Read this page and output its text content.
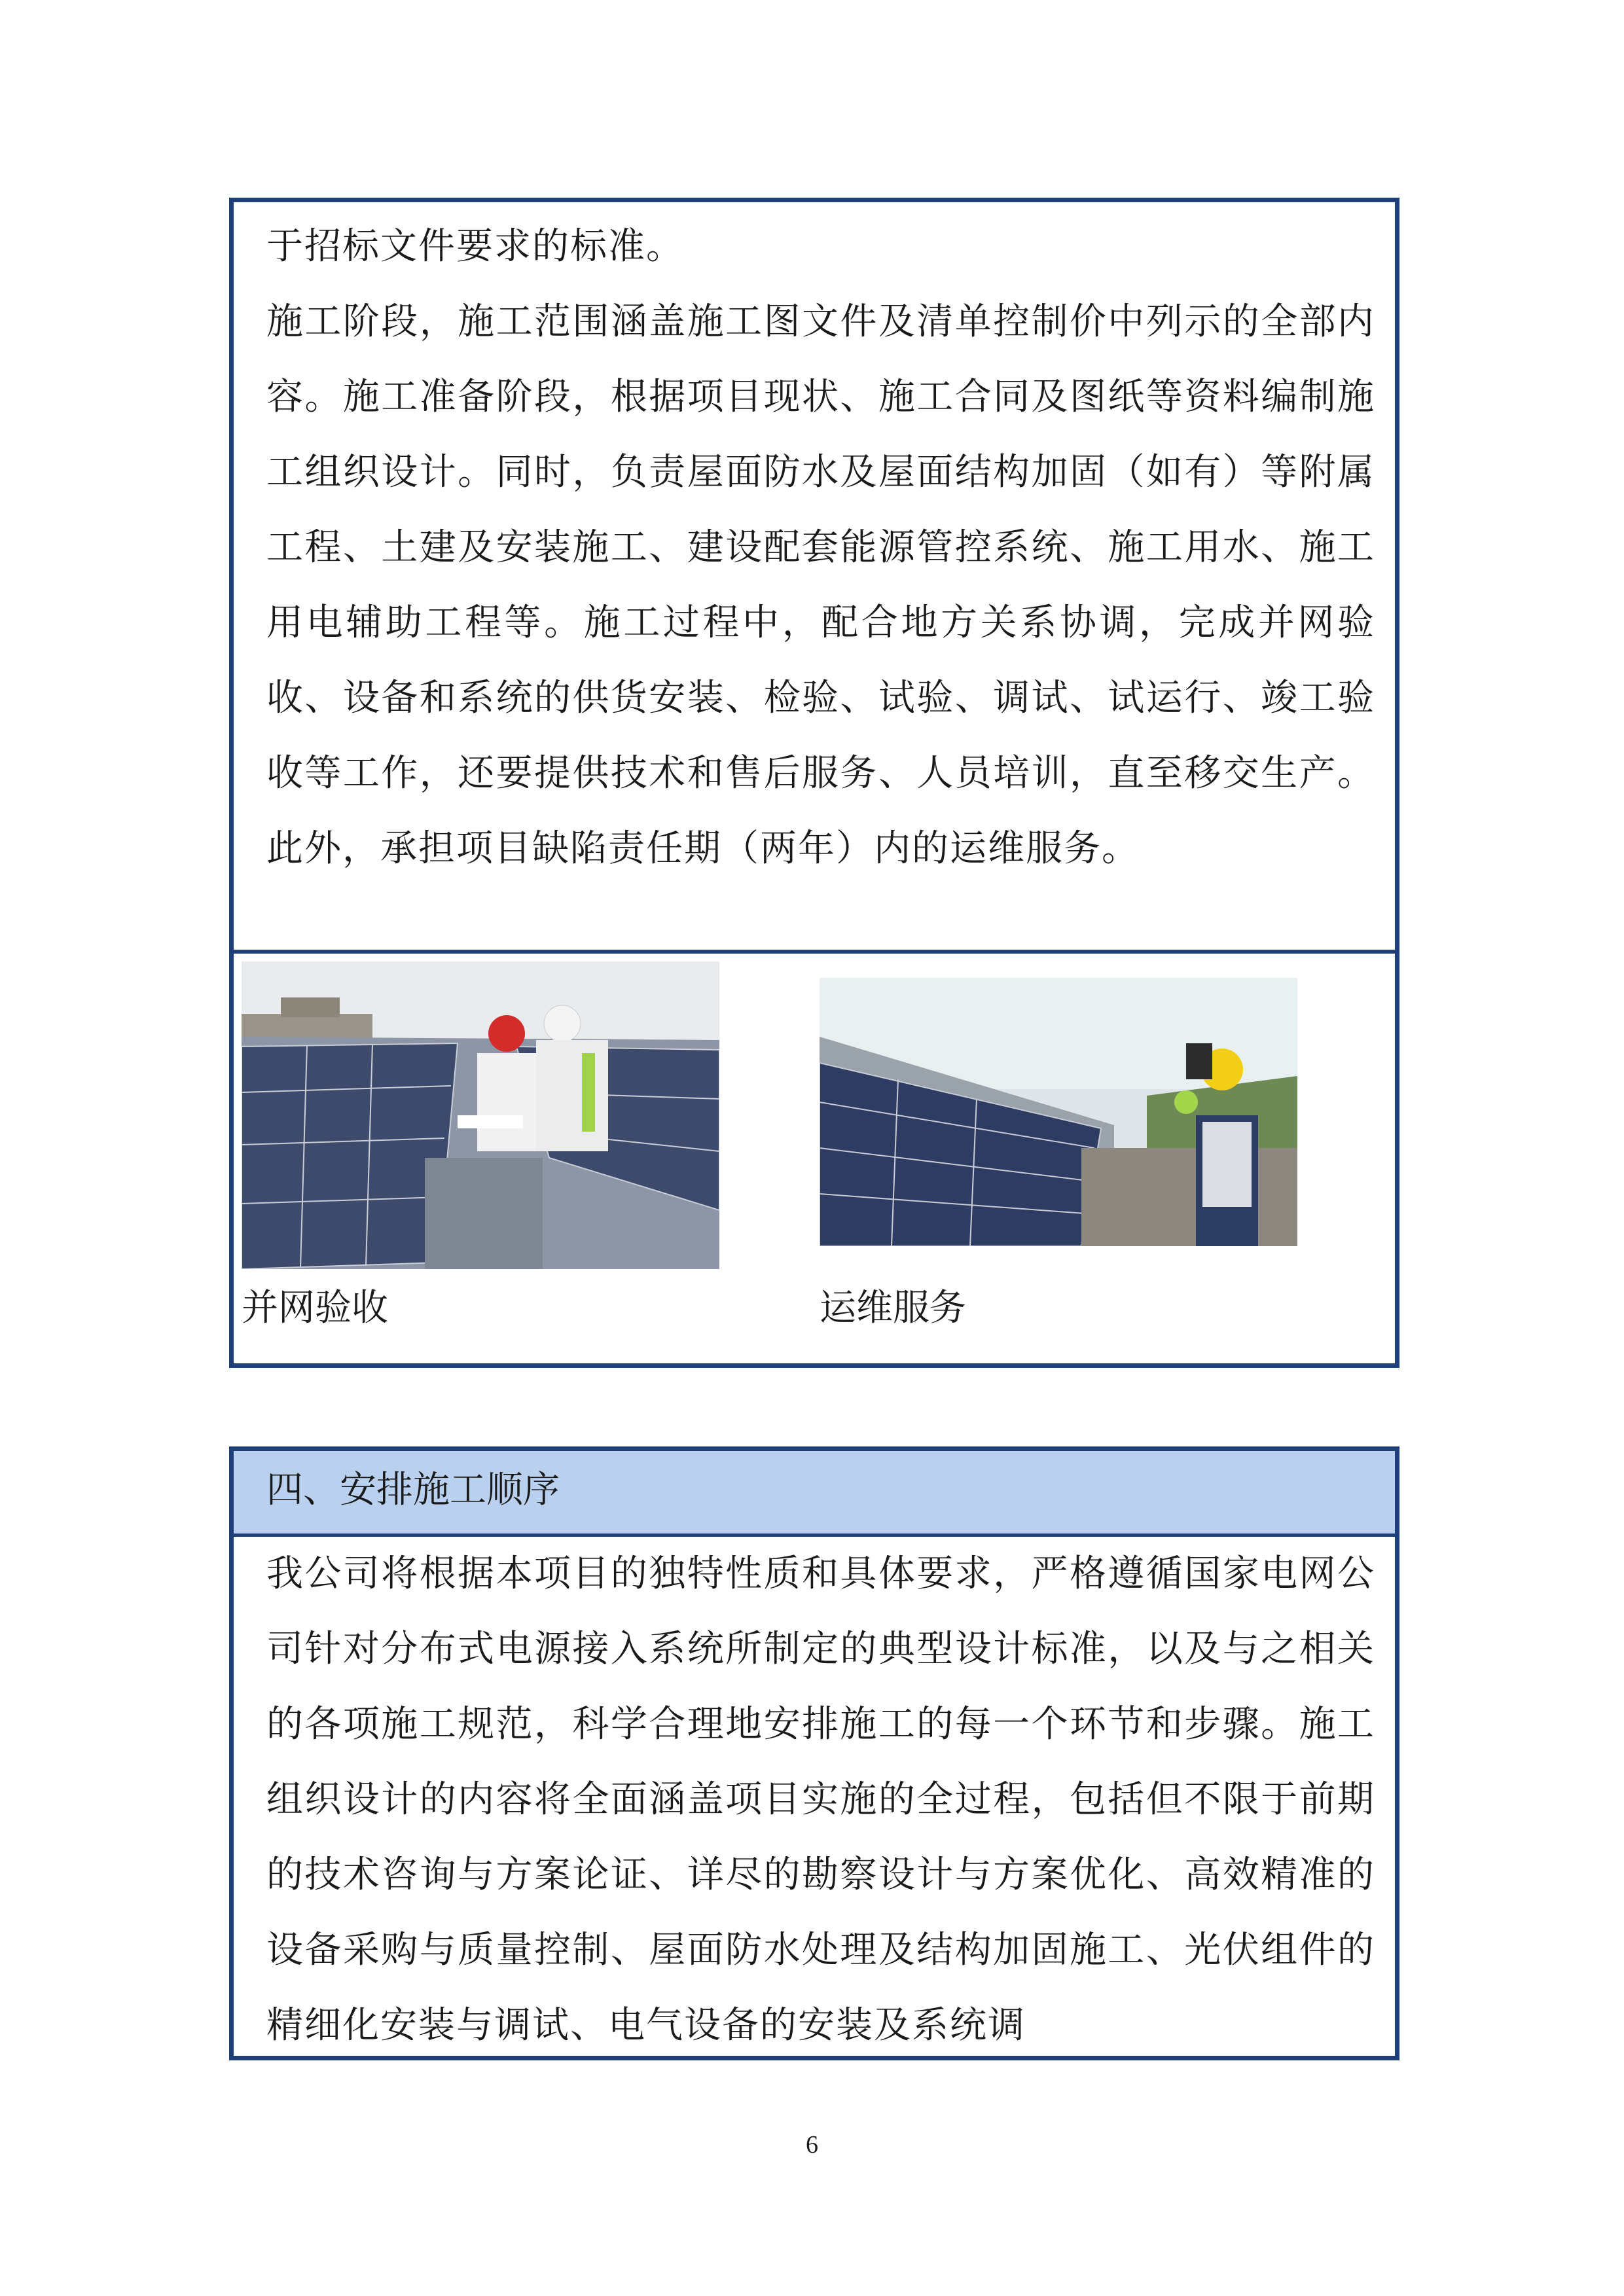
于招标文件要求的标准。
施工阶段，施工范围涵盖施工图文件及清单控制价中列示的全部内容。施工准备阶段，根据项目现状、施工合同及图纸等资料编制施工组织设计。同时，负责屋面防水及屋面结构加固（如有）等附属工程、土建及安装施工、建设配套能源管控系统、施工用水、施工用电辅助工程等。施工过程中，配合地方关系协调，完成并网验收、设备和系统的供货安装、检验、试验、调试、试运行、竣工验收等工作，还要提供技术和售后服务、人员培训，直至移交生产。此外，承担项目缺陷责任期（两年）内的运维服务。

并网验收	运维服务
四、安排施工顺序

我公司将根据本项目的独特性质和具体要求，严格遵循国家电网公司针对分布式电源接入系统所制定的典型设计标准，以及与之相关的各项施工规范，科学合理地安排施工的每一个环节和步骤。施工组织设计的内容将全面涵盖项目实施的全过程，包括但不限于前期的技术咨询与方案论证、详尽的勘察设计与方案优化、高效精准的设备采购与质量控制、屋面防水处理及结构加固施工、光伏组件的精细化安装与调试、电气设备的安装及系统调

6
